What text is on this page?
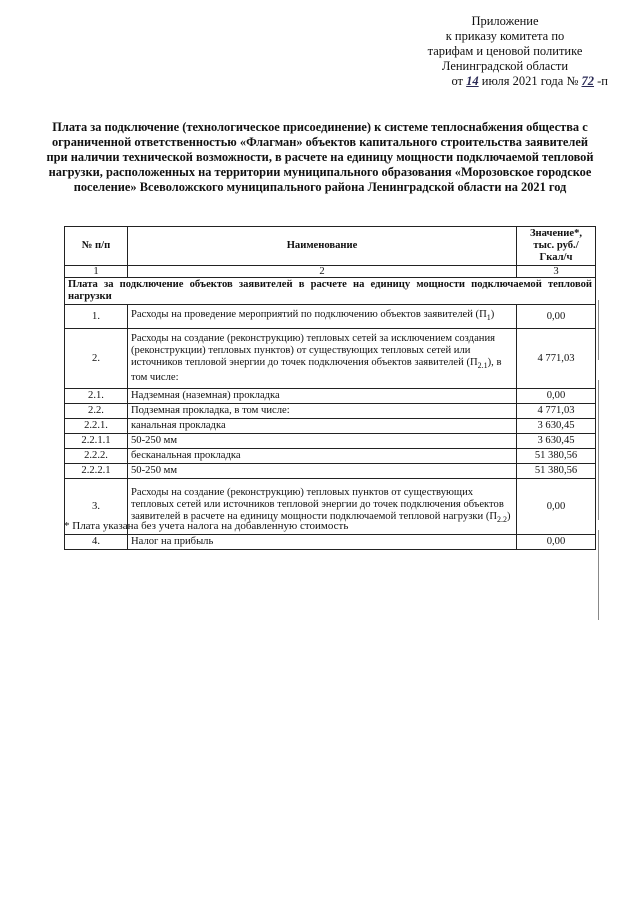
Приложение
к приказу комитета по
тарифам и ценовой политике
Ленинградской области
от 14 июля 2021 года № 72 -п
Плата за подключение (технологическое присоединение) к системе теплоснабжения общества с ограниченной ответственностью «Флагман» объектов капитального строительства заявителей при наличии технической возможности, в расчете на единицу мощности подключаемой тепловой нагрузки, расположенных на территории муниципального образования «Морозовское городское поселение» Всеволожского муниципального района Ленинградской области на 2021 год
№ п/п	Наименование	Значение*,
тыс. руб./Гкал/ч

1	2	3
Плата за подключение объектов заявителей в расчете на единицу мощности подключаемой тепловой нагрузки		
1.	Расходы на проведение мероприятий по подключению объектов заявителей $(П_1)$	0,00
2.	Расходы на создание (реконструкцию) тепловых сетей за исключением создания (реконструкции) тепловых пунктов) от существующих тепловых сетей или источников тепловой энергии до точек подключения объектов заявителей $(П_{2.1})$, в том числе:	4 771,03
2.1.	Надземная (наземная) прокладка	0,00
2.2.	Подземная прокладка, в том числе:	4 771,03
2.2.1.	канальная прокладка	3 630,45
2.2.1.1	50-250 мм	3 630,45
2.2.2.	бесканальная прокладка	51 380,56
2.2.2.1	50-250 мм	51 380,56
3.	Расходы на создание (реконструкцию) тепловых пунктов от существующих тепловых сетей или источников тепловой энергии до точек подключения объектов заявителей в расчете на единицу мощности подключаемой тепловой нагрузки $(П_{2.2})$	0,00
4.	Налог на прибыль	0,00
* Плата указана без учета налога на добавленную стоимость
